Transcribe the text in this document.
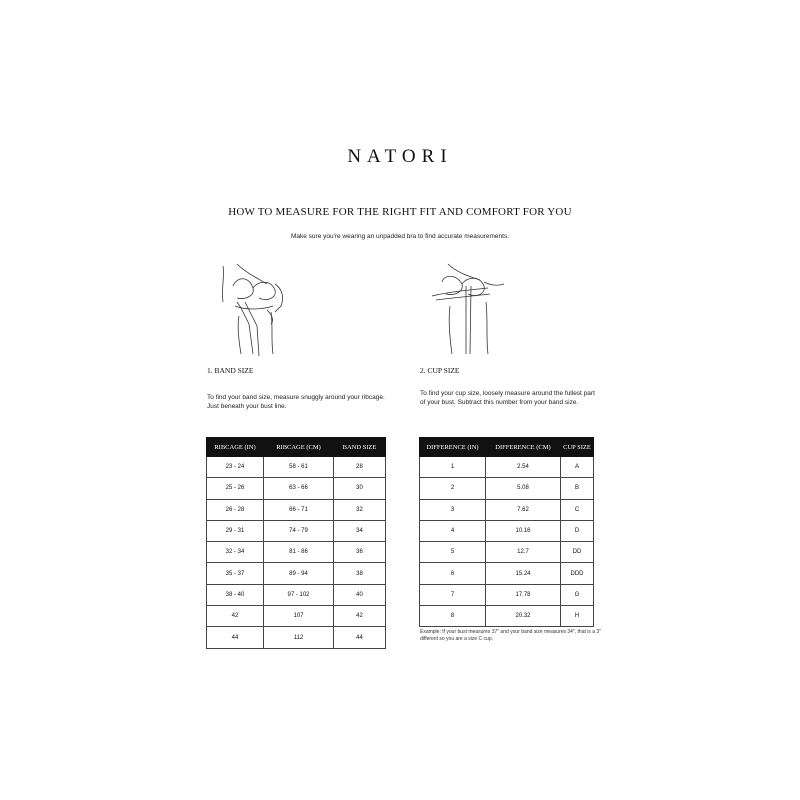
NATORI
HOW TO MEASURE FOR THE RIGHT FIT AND COMFORT FOR YOU
Make sure you're wearing an unpadded bra to find accurate measurements.
1. BAND SIZE
To find your band size, measure snuggly around your ribcage. Just beneath your bust line.
2. CUP SIZE
To find your cup size, loosely measure around the fullest part of your bust. Subtract this number from your band size.
RIBCAGE (IN)	RIBCAGE (CM)	BAND SIZE
23 - 24	58 - 61	28
25 - 26	63 - 66	30
26 - 28	66 - 71	32
29 - 31	74 - 79	34
32 - 34	81 - 86	36
35 - 37	89 - 94	38
38 - 40	97 - 102	40
42	107	42
44	112	44
DIFFERENCE (IN)	DIFFERENCE (CM)	CUP SIZE
1	2.54	A
2	5.08	B
3	7.62	C
4	10.16	D
5	12.7	DD
6	15.24	DDD
7	17.78	G
8	20.32	H
Example: If your bust measures 37" and your band size measures 34", that is a 3" different so you are a size C cup.
